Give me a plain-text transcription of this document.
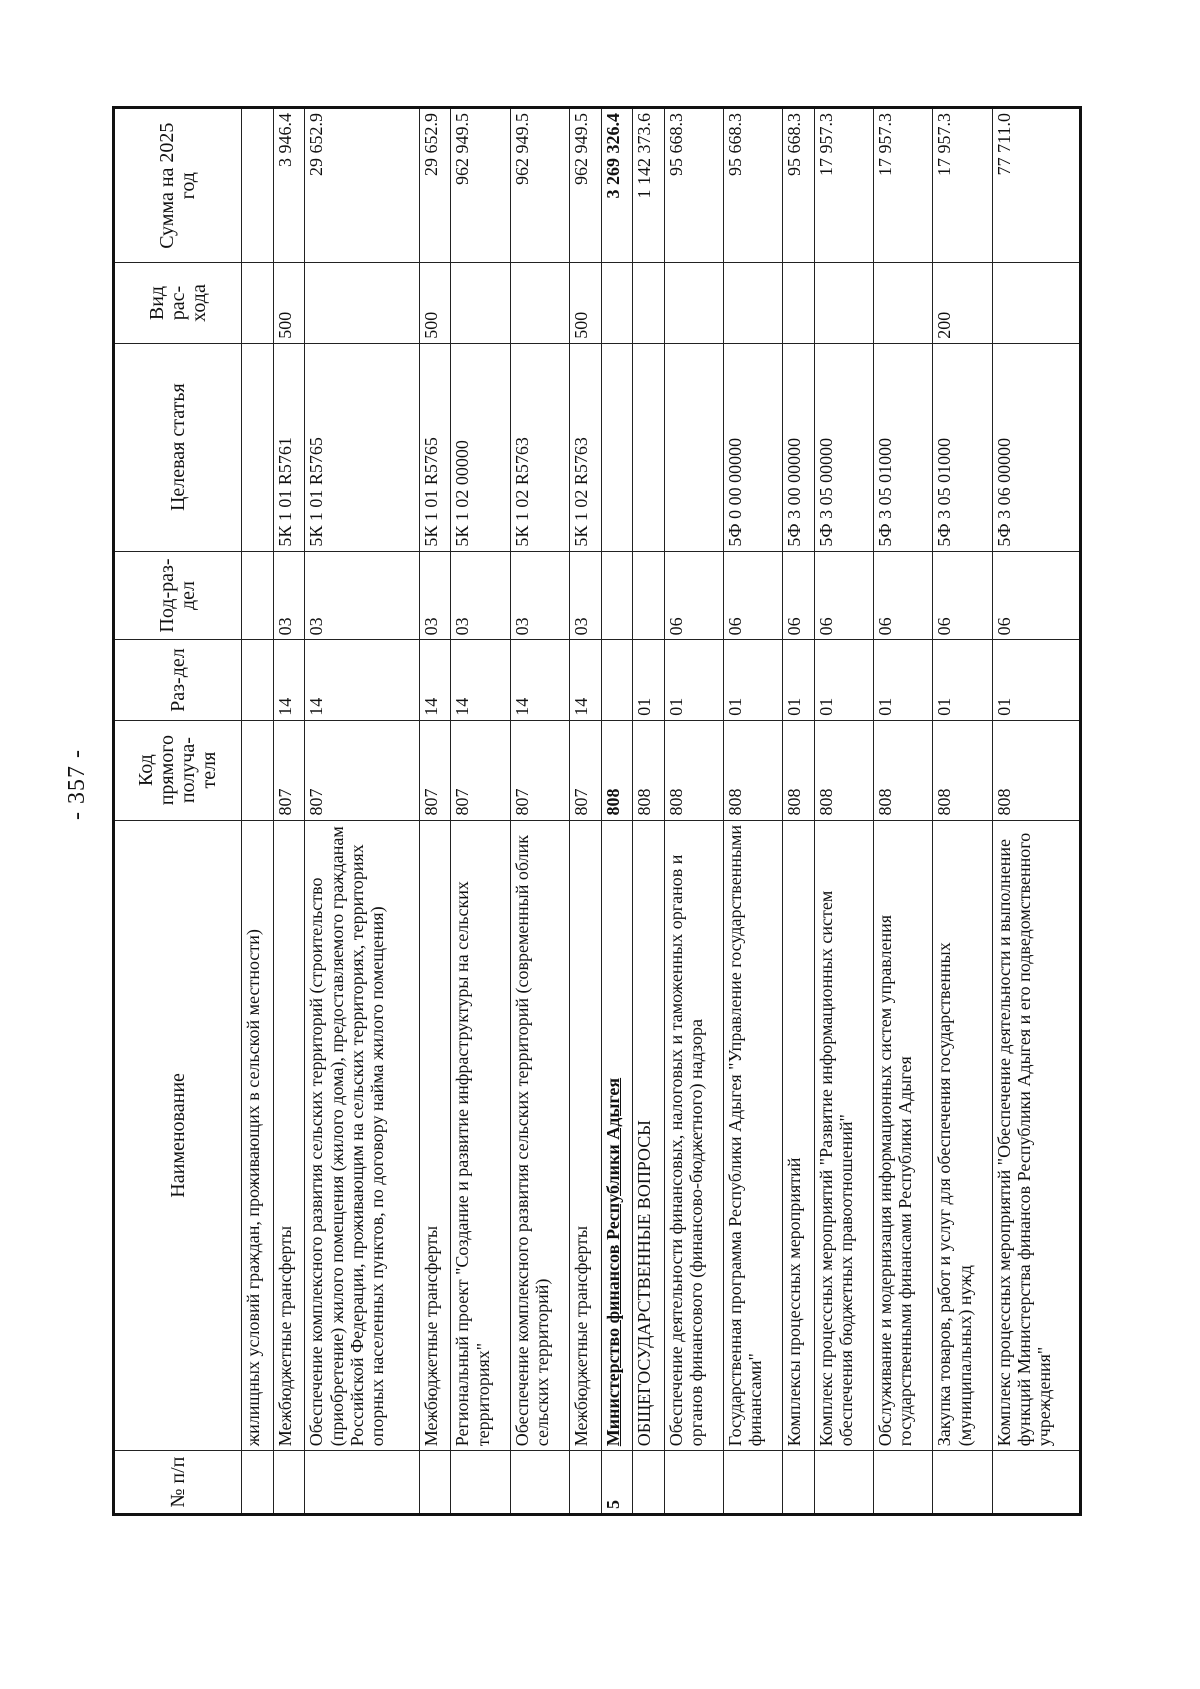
- 357 -
№ п/п	Наименование	Код прямого получа-теля	Раз-дел	Под-раз-дел	Целевая статья	Вид рас-хода	Сумма на 2025 год
	жилищных условий граждан, проживающих в сельской местности)						
	Межбюджетные трансферты	807	14	03	5К 1 01 R5761	500	3 946.4
	Обеспечение комплексного развития сельских территорий (строительство (приобретение) жилого помещения (жилого дома), предоставляемого гражданам Российской Федерации, проживающим на сельских территориях, территориях опорных населенных пунктов, по договору найма жилого помещения)	807	14	03	5К 1 01 R5765		29 652.9
	Межбюджетные трансферты	807	14	03	5К 1 01 R5765	500	29 652.9
	Региональный проект "Создание и развитие инфраструктуры на сельских территориях"	807	14	03	5К 1 02 00000		962 949.5
	Обеспечение комплексного развития сельских территорий (современный облик сельских территорий)	807	14	03	5К 1 02 R5763		962 949.5
	Межбюджетные трансферты	807	14	03	5К 1 02 R5763	500	962 949.5
5	Министерство финансов Республики Адыгея	808					3 269 326.4
	ОБЩЕГОСУДАРСТВЕННЫЕ ВОПРОСЫ	808	01				1 142 373.6
	Обеспечение деятельности финансовых, налоговых и таможенных органов и органов финансового (финансово-бюджетного) надзора	808	01	06			95 668.3
	Государственная программа Республики Адыгея "Управление государственными финансами"	808	01	06	5Ф 0 00 00000		95 668.3
	Комплексы процессных мероприятий	808	01	06	5Ф 3 00 00000		95 668.3
	Комплекс процессных мероприятий "Развитие информационных систем обеспечения бюджетных правоотношений"	808	01	06	5Ф 3 05 00000		17 957.3
	Обслуживание и модернизация информационных систем управления государственными финансами Республики Адыгея	808	01	06	5Ф 3 05 01000		17 957.3
	Закупка товаров, работ и услуг для обеспечения государственных (муниципальных) нужд	808	01	06	5Ф 3 05 01000	200	17 957.3
	Комплекс процессных мероприятий "Обеспечение деятельности и выполнение функций Министерства финансов Республики Адыгея и его подведомственного учреждения"	808	01	06	5Ф 3 06 00000		77 711.0
